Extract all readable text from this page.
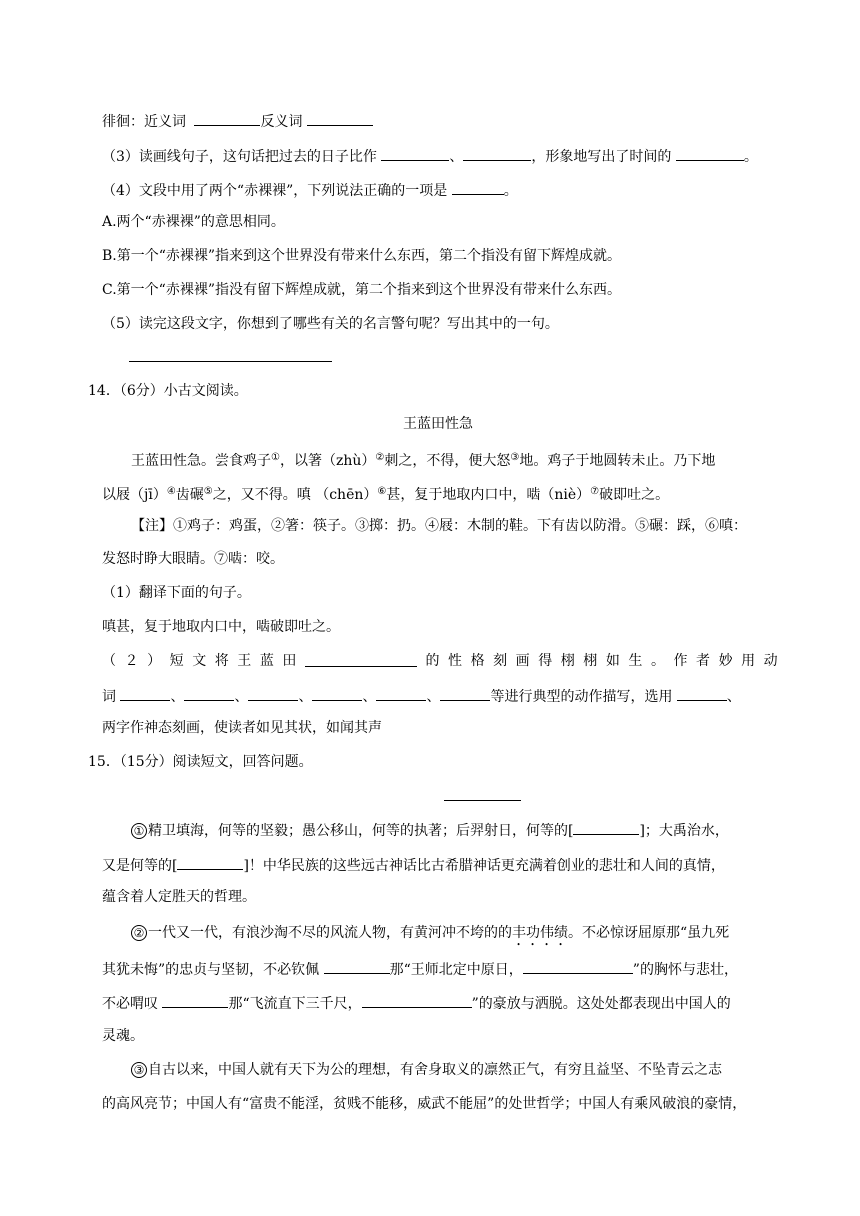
徘徊：近义词	反义词
（3）读画线句子，这句话把过去的日子比作	、	，形象地写出了时间的	。
（4）文段中用了两个“赤裸裸”，下列说法正确的一项是	。
A.两个“赤裸裸”的意思相同。
B.第一个“赤裸裸”指来到这个世界没有带来什么东西，第二个指没有留下辉煌成就。
C.第一个“赤裸裸”指没有留下辉煌成就，第二个指来到这个世界没有带来什么东西。
（5）读完这段文字，你想到了哪些有关的名言警句呢？写出其中的一句。
14．（6分）小古文阅读。
王蓝田性急
王蓝田性急。尝食鸡子①，以箸（zhù）②刺之，不得，便大怒③地。鸡子于地圆转未止。乃下地
以屐（jī）④齿碾⑤之，又不得。嗔 （chēn）⑥甚，复于地取内口中，啮（niè）⑦破即吐之。
【注】①鸡子：鸡蛋，②箸：筷子。③掷：扔。④屐：木制的鞋。下有齿以防滑。⑤碾：踩，⑥嗔：
发怒时睁大眼睛。⑦啮：咬。
（1）翻译下面的句子。
嗔甚，复于地取内口中，啮破即吐之。
（ ２ ） 短 文 将 王 蓝 田	的 性 格 刻 画 得 栩 栩 如 生 。 作 者 妙 用 动
词	、	、	、	、	、	等进行典型的动作描写，选用	、
两字作神态刻画，使读者如见其状，如闻其声
15．（15分）阅读短文，回答问题。
① 精卫填海，何等的坚毅；愚公移山，何等的执著；后羿射日，何等的[	]；大禹治水，
又是何等的[	]！中华民族的这些远古神话比古希腊神话更充满着创业的悲壮和人间的真情，
蕴含着人定胜天的哲理。
② 一代又一代，有浪沙淘不尽的风流人物，有黄河冲不垮的的丰功伟绩。不必惊讶屈原那“虽九死
其犹未悔”的忠贞与坚韧，不必钦佩	那“王师北定中原日，	”的胸怀与悲壮，
不必喟叹	那“飞流直下三千尺，	”的豪放与洒脱。这处处都表现出中国人的
灵魂。
③ 自古以来，中国人就有天下为公的理想，有舍身取义的凛然正气，有穷且益坚、不坠青云之志
的高风亮节；中国人有“富贵不能淫，贫贱不能移，威武不能屈”的处世哲学；中国人有乘风破浪的豪情，
